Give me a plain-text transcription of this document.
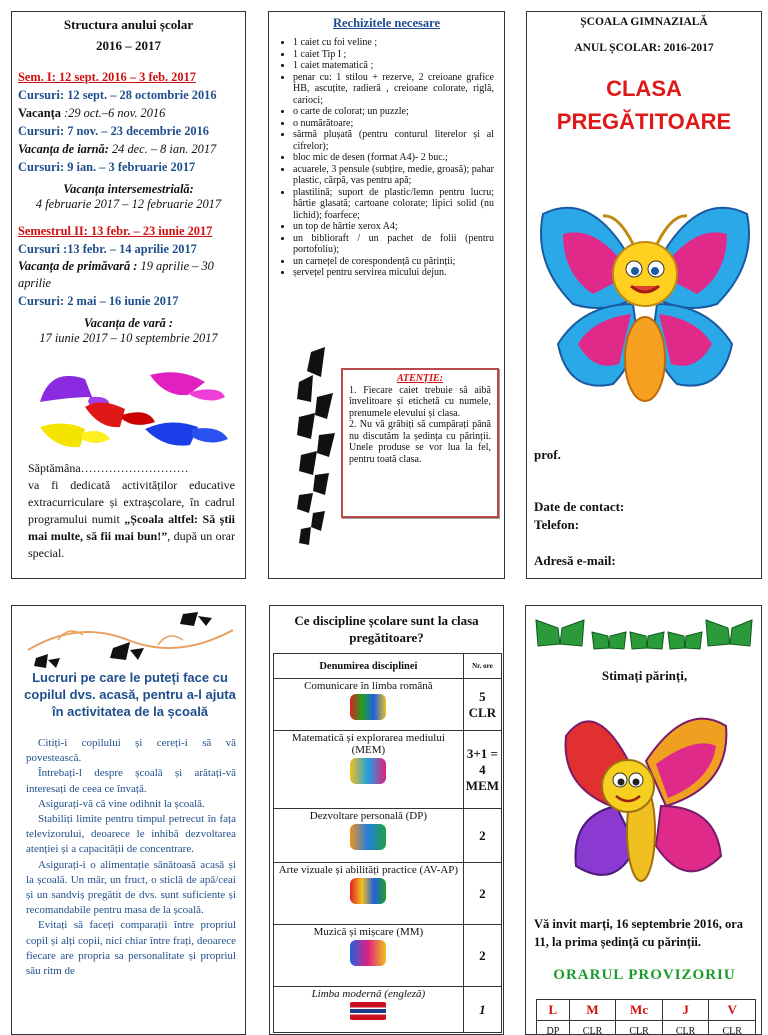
Structura anului școlar
2016 – 2017
Sem. I: 12 sept. 2016 – 3 feb. 2017
Cursuri: 12 sept. – 28 octombrie 2016
Vacanța :29 oct.–6 nov. 2016
Cursuri: 7 nov. – 23 decembrie 2016
Vacanța de iarnă: 24 dec. – 8 ian. 2017
Cursuri: 9 ian. – 3 februarie 2017
Vacanța intersemestrială:
4 februarie 2017 – 12 februarie 2017
Semestrul II: 13 febr. – 23 iunie 2017
Cursuri :13 febr. – 14 aprilie 2017
Vacanța de primăvară : 19 aprilie – 30 aprilie
Cursuri: 2 mai – 16 iunie 2017
Vacanța de vară :
17 iunie 2017 – 10 septembrie 2017
Săptămâna………………………
va fi dedicată activităților educative extracurriculare și extrașcolare, în cadrul programului numit „Școala altfel: Să știi mai multe, să fii mai bun!”, după un orar special.
Rechizitele necesare
• 1 caiet cu foi veline ;
• 1 caiet Tip I ;
• 1 caiet matematică ;
• penar cu: 1 stilou + rezerve, 2 creioane grafice HB, ascuțite, radieră , creioane colorate, riglă, carioci;
• o carte de colorat; un puzzle;
• o numărătoare;
• sârmă plușată (pentru conturul literelor și al cifrelor);
• bloc mic de desen (format A4)- 2 buc.;
• acuarele, 3 pensule (subțire, medie, groasă); pahar plastic, cârpă, vas pentru apă;
• plastilină; suport de plastic/lemn pentru lucru; hârtie glasată; cartoane colorate; lipici solid (nu lichid); foarfece;
• un top de hârtie xerox A4;
• un biblioraft / un pachet de folii (pentru portofoliu);
• un carnețel de corespondență cu părinții;
• șervețel pentru servirea micului dejun.
ATENȚIE:
1. Fiecare caiet trebuie să aibă învelitoare și etichetă cu numele, prenumele elevului și clasa.
2. Nu vă grăbiți să cumpărați până nu discutăm la ședința cu părinții. Unele produse se vor lua la fel, pentru toată clasa.
ȘCOALA GIMNAZIALĂ
ANUL ȘCOLAR: 2016-2017
CLASA
PREGĂTITOARE
prof.
Date de contact:
Telefon:
Adresă e-mail:
Lucruri pe care le puteți face cu copilul dvs. acasă, pentru a-l ajuta în activitatea de la școală

Citiți-i copilului și cereți-i să vă povestească.

Întrebați-l despre școală și arătați-vă interesați de ceea ce învață.

Asigurați-vă că vine odihnit la școală.

Stabiliți limite pentru timpul petrecut în fața televizorului, deoarece le inhibă dezvoltarea atenției și a capacității de concentrare.

Asigurați-i o alimentație sănătoasă acasă și la școală. Un măr, un fruct, o sticlă de apă/ceai și un sandviș pregătit de dvs. sunt suficiente și recomandabile pentru masa de la școală.

Evitați să faceți comparații între propriul copil și alți copii, nici chiar între frați, deoarece fiecare are propria sa personalitate și propriul său ritm de

Ce discipline școlare sunt la clasa pregătitoare?
Denumirea disciplinei	Nr. ore

Comunicare în limba română	5 CLR

Matematică și explorarea mediului (MEM)	3+1 = 4 MEM

Dezvoltare personală (DP)	2

Arte vizuale și abilități practice (AV-AP)	2

Muzică și mișcare (MM)	2

Limba modernă (engleză)	1
Stimați părinți,
Vă invit marți, 16 septembrie 2016, ora 11, la prima ședință cu părinții.
ORARUL PROVIZORIU
L	M	Mc	J	V
DP	CLR	CLR	CLR	CLR
